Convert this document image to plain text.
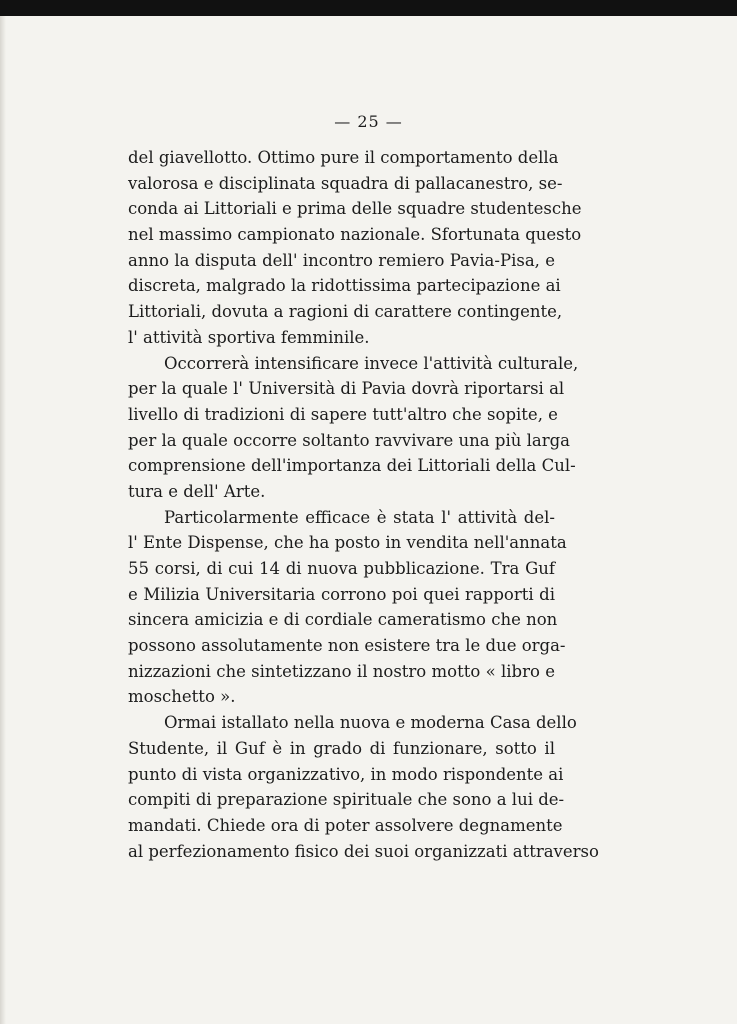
— 25 —
del giavellotto. Ottimo pure il comportamento della
valorosa e disciplinata squadra di pallacanestro, se-
conda ai Littoriali e prima delle squadre studentesche
nel massimo campionato nazionale. Sfortunata questo
anno la disputa dell' incontro remiero Pavia-Pisa, e
discreta, malgrado la ridottissima partecipazione ai
Littoriali, dovuta a ragioni di carattere contingente,
l' attività sportiva femminile.
Occorrerà intensificare invece l'attività culturale,
per la quale l' Università di Pavia dovrà riportarsi al
livello di tradizioni di sapere tutt'altro che sopite, e
per la quale occorre soltanto ravvivare una più larga
comprensione dell'importanza dei Littoriali della Cul-
tura e dell' Arte.
Particolarmente efficace è stata l' attività del-
l' Ente Dispense, che ha posto in vendita nell'annata
55 corsi, di cui 14 di nuova pubblicazione. Tra Guf
e Milizia Universitaria corrono poi quei rapporti di
sincera amicizia e di cordiale cameratismo che non
possono assolutamente non esistere tra le due orga-
nizzazioni che sintetizzano il nostro motto « libro e
moschetto ».
Ormai istallato nella nuova e moderna Casa dello
Studente, il Guf è in grado di funzionare, sotto il
punto di vista organizzativo, in modo rispondente ai
compiti di preparazione spirituale che sono a lui de-
mandati. Chiede ora di poter assolvere degnamente
al perfezionamento fisico dei suoi organizzati attraverso
